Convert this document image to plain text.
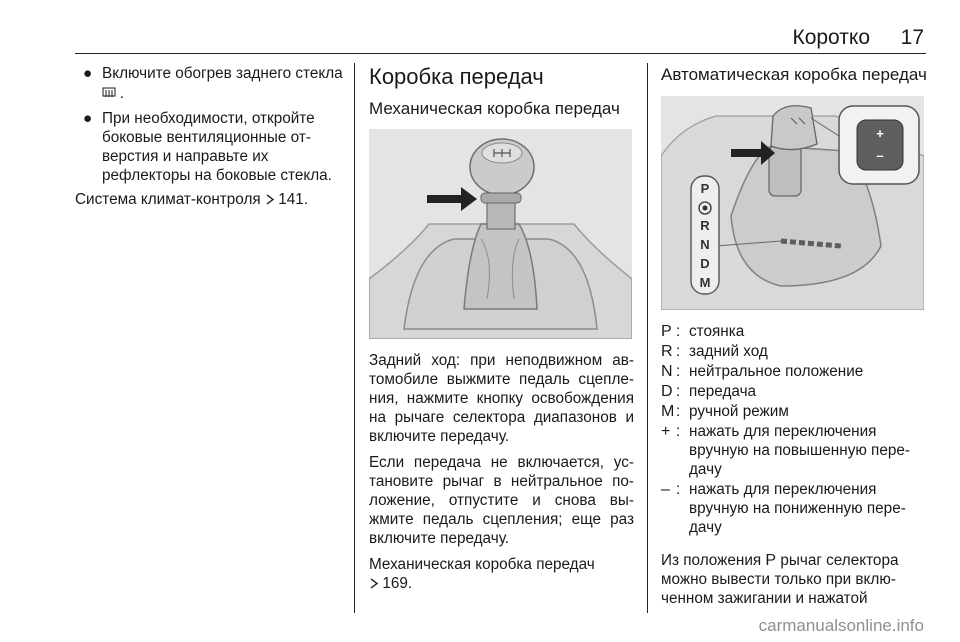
Коротко 17
● Включите обогрев заднего стекла  .
● При необходимости, откройте боковые вентиляционные отверстия и направьте их рефлекторы на боковые стекла.
Система климат-контроля  141.
Коробка передач
Механическая коробка передач
Задний ход: при неподвижном автомобиле выжмите педаль сцепления, нажмите кнопку освобождения на рычаге селектора диапазонов и включите передачу.
Если передача не включается, установите рычаг в нейтральное положение, отпустите и снова выжмите педаль сцепления; еще раз включите передачу.
Механическая коробка передач
169.
Автоматическая коробка передач
P
R
N
D
M
+
–
P : стоянка
R : задний ход
N : нейтральное положение
D : передача
M : ручной режим
+ : нажать для переключения вручную на повышенную передачу
– : нажать для переключения вручную на пониженную передачу
Из положения P рычаг селектора можно вывести только при включенном зажигании и нажатой
carmanualsonline.info
